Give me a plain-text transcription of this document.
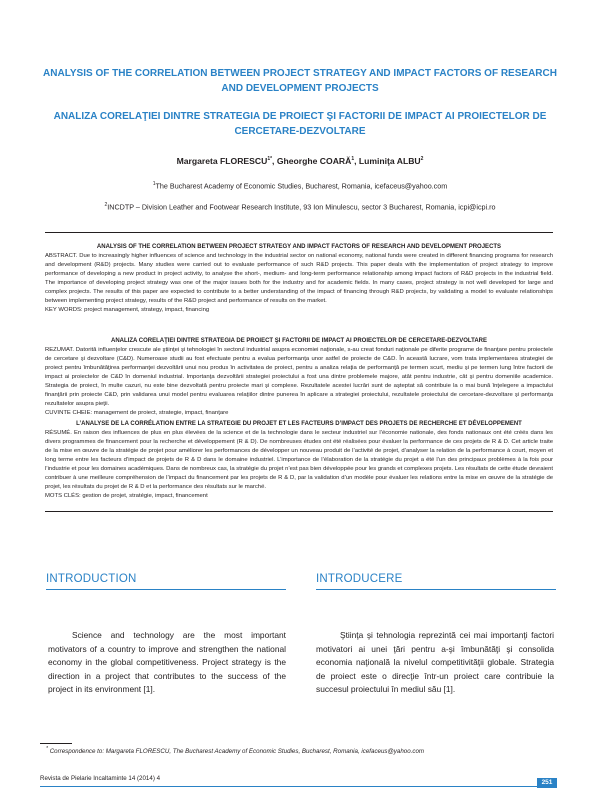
ANALYSIS OF THE CORRELATION BETWEEN PROJECT STRATEGY AND IMPACT FACTORS OF RESEARCH AND DEVELOPMENT PROJECTS
ANALIZA CORELAŢIEI DINTRE STRATEGIA DE PROIECT ŞI FACTORII DE IMPACT AI PROIECTELOR DE CERCETARE-DEZVOLTARE
Margareta $FLORESCU^{1*}$, Gheorghe COARĂ$^1$, Luminiţa ALBU$^2$
$^1$The Bucharest Academy of Economic Studies, Bucharest, Romania, icefaceus@yahoo.com
$^2$INCDTP – Division Leather and Footwear Research Institute, 93 Ion Minulescu, sector 3 Bucharest, Romania, icpi@icpi.ro
ANALYSIS OF THE CORRELATION BETWEEN PROJECT STRATEGY AND IMPACT FACTORS OF RESEARCH AND DEVELOPMENT PROJECTS

ABSTRACT. Due to increasingly higher influences of science and technology in the industrial sector on national economy, national funds were created in different financing programs for research and development (R&D) projects. Many studies were carried out to evaluate performance of such R&D projects. This paper deals with the implementation of project strategy to improve performance of developing a new product in project activity, to analyse the short-, medium- and long-term performance relationship among impact factors of R&D projects in the industrial field. The importance of developing project strategy was one of the major issues both for the industry and for academic fields. In many cases, project strategy is not well developed for large and complex projects. The results of this paper are expected to contribute to a better understanding of the impact of financing through R&D projects, by validating a model to evaluate relationships between implementing project strategy, results of the R&D project and performance of results on the market.

KEY WORDS: project management, strategy, impact, financing

ANALIZA CORELAŢIEI DINTRE STRATEGIA DE PROIECT ŞI FACTORII DE IMPACT AI PROIECTELOR DE CERCETARE-DEZVOLTARE

REZUMAT. Datorită influenţelor crescute ale ştiinţei şi tehnologiei în sectorul industrial asupra economiei naţionale, s-au creat fonduri naţionale pe diferite programe de finanţare pentru proiectele de cercetare şi dezvoltare (C&D). Numeroase studii au fost efectuate pentru a evalua performanţa unor astfel de proiecte de C&D. În această lucrare, vom trata implementarea strategiei de proiect pentru îmbunătăţirea performanţei dezvoltării unui nou produs în activitatea de proiect, pentru a analiza relaţia de performanţă pe termen scurt, mediu şi pe termen lung între factorii de impact ai proiectelor de C&D în domeniul industrial. Importanţa dezvoltării strategiei proiectului a fost una dintre problemele majore, atât pentru industrie, cât şi pentru domeniile academice. Strategia de proiect, în multe cazuri, nu este bine dezvoltată pentru proiecte mari şi complexe. Rezultatele acestei lucrări sunt de aşteptat să contribuie la o mai bună înţelegere a impactului finanţării prin proiecte C&D, prin validarea unui model pentru evaluarea relaţiilor dintre punerea în aplicare a strategiei proiectului, rezultatele proiectului de cercetare-dezvoltare şi performanţa rezultatelor asupra pieţii.

CUVINTE CHEIE: management de proiect, strategie, impact, finanţare

L’ANALYSE DE LA CORRÉLATION ENTRE LA STRATEGIE DU PROJET ET LES FACTEURS D’IMPACT DES PROJETS DE RECHERCHE ET DÉVELOPPEMENT

RÉSUMÉ. En raison des influences de plus en plus élevées de la science et de la technologie dans le secteur industriel sur l’économie nationale, des fonds nationaux ont été créés dans les divers programmes de financement pour la recherche et développement (R & D). De nombreuses études ont été réalisées pour évaluer la performance de ces projets de R & D. Cet article traite de la mise en œuvre de la stratégie de projet pour améliorer les performances de développer un nouveau produit de l’activité de projet, d’analyser la relation de la performance à court, moyen et long terme entre les facteurs d’impact de projets de R & D dans le domaine industriel. L’importance de l’élaboration de la stratégie du projet a été l’un des principaux problèmes à la fois pour l’industrie et pour les domaines académiques. Dans de nombreux cas, la stratégie du projet n’est pas bien développée pour les grands et complexes projets. Les résultats de cette étude devraient contribuer à une meilleure compréhension de l’impact du financement par les projets de R & D, par la validation d’un modèle pour évaluer les relations entre la mise en œuvre de la stratégie de projet, les résultats du projet de R & D et la performance des résultats sur le marché.

MOTS CLÉS: gestion de projet, stratégie, impact, financement

INTRODUCTION	INTRODUCERE

Science and technology are the most important motivators of a country to improve and strengthen the national economy in the global competitiveness. Project strategy is the direction in a project that contributes to the success of the project in its environment [1].

Ştiinţa şi tehnologia reprezintă cei mai importanţi factori motivatori ai unei ţări pentru a-şi îmbunătăţi şi consolida economia naţională la nivelul competitivităţii globale. Strategia de proiect este o direcţie într-un proiect care contribuie la succesul proiectului în mediul său [1].

* Correspondence to: Margareta FLORESCU, The Bucharest Academy of Economic Studies, Bucharest, Romania, icefaceus@yahoo.com
Revista de Pielarie Incaltaminte 14 (2014) 4
251
